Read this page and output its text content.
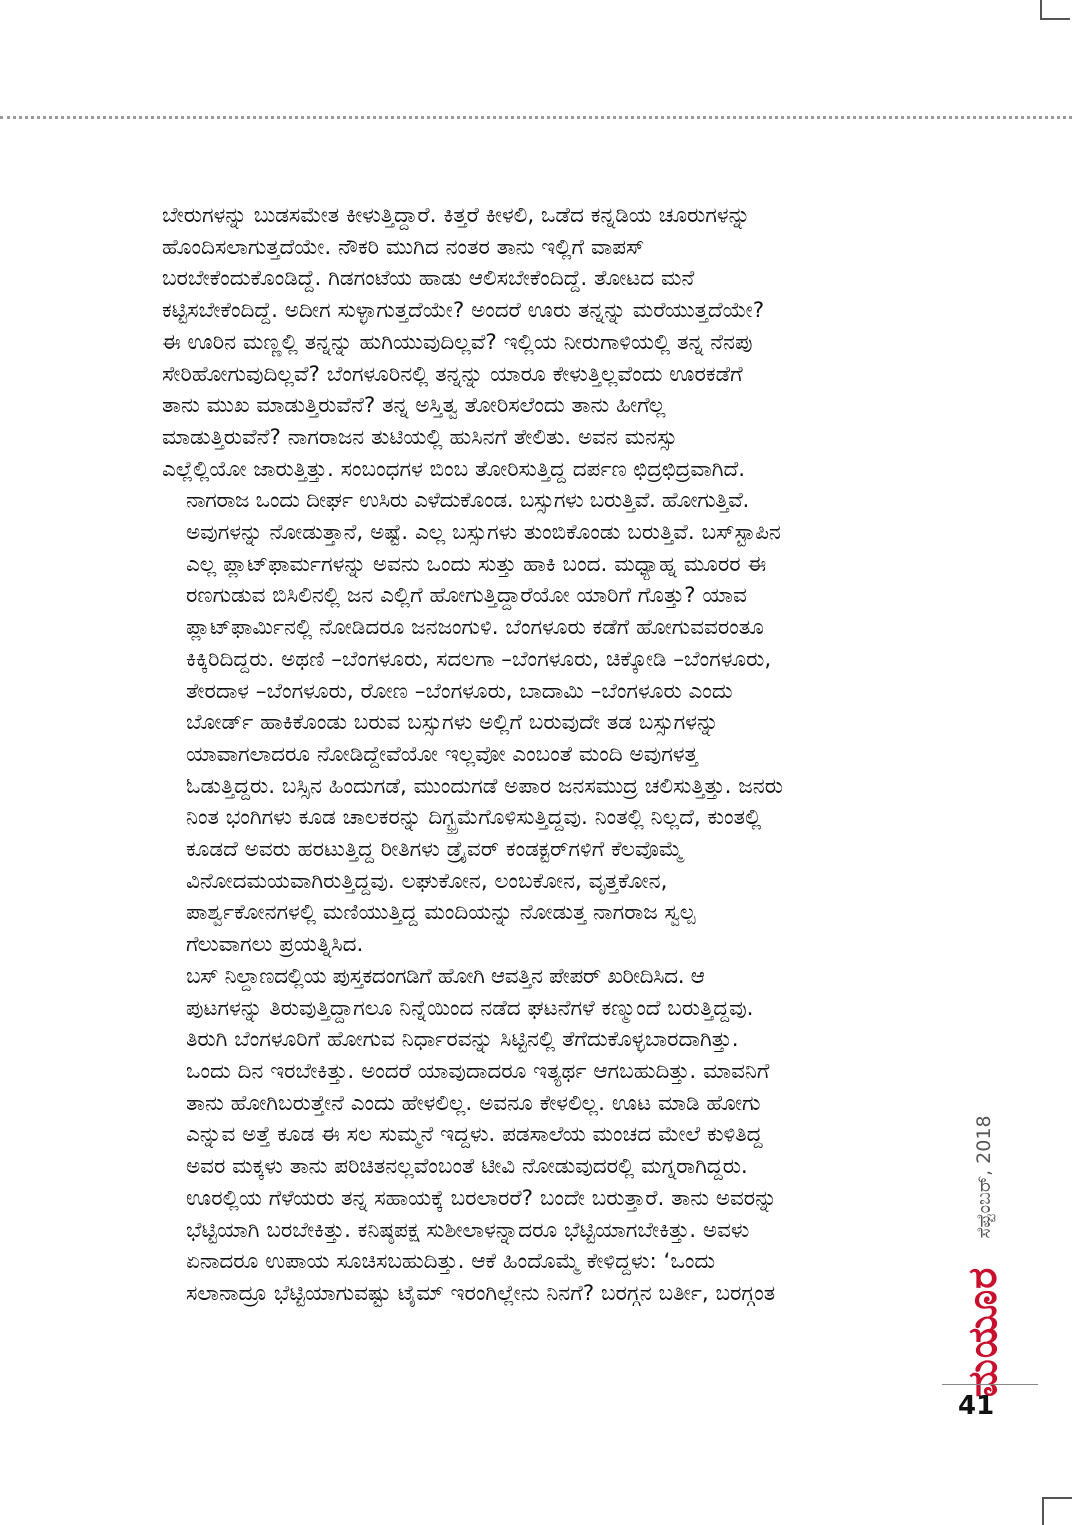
ಬೇರುಗಳನ್ನು ಬುಡಸಮೇತ ಕೀಳುತ್ತಿದ್ದಾರೆ. ಕಿತ್ತರೆ ಕೀಳಲಿ, ಒಡೆದ ಕನ್ನಡಿಯ ಚೂರುಗಳನ್ನು
ಹೊಂದಿಸಲಾಗುತ್ತದೆಯೇ. ನೌಕರಿ ಮುಗಿದ ನಂತರ ತಾನು ಇಲ್ಲಿಗೆ ವಾಪಸ್
ಬರಬೇಕೆಂದುಕೊಂಡಿದ್ದೆ. ಗಿಡಗಂಟೆಯ ಹಾಡು ಆಲಿಸಬೇಕೆಂದಿದ್ದೆ. ತೋಟದ ಮನೆ
ಕಟ್ಟಿಸಬೇಕೆಂದಿದ್ದೆ. ಅದೀಗ ಸುಳ್ಳಾಗುತ್ತದೆಯೇ? ಅಂದರೆ ಊರು ತನ್ನನ್ನು ಮರೆಯುತ್ತದೆಯೇ?
ಈ ಊರಿನ ಮಣ್ಣಲ್ಲಿ ತನ್ನನ್ನು ಹುಗಿಯುವುದಿಲ್ಲವೆ? ಇಲ್ಲಿಯ ನೀರುಗಾಳಿಯಲ್ಲಿ ತನ್ನ ನೆನಪು
ಸೇರಿಹೋಗುವುದಿಲ್ಲವೆ? ಬೆಂಗಳೂರಿನಲ್ಲಿ ತನ್ನನ್ನು ಯಾರೂ ಕೇಳುತ್ತಿಲ್ಲವೆಂದು ಊರಕಡೆಗೆ
ತಾನು ಮುಖ ಮಾಡುತ್ತಿರುವೆನೆ? ತನ್ನ ಅಸ್ತಿತ್ವ ತೋರಿಸಲೆಂದು ತಾನು ಹೀಗೆಲ್ಲ
ಮಾಡುತ್ತಿರುವೆನೆ? ನಾಗರಾಜನ ತುಟಿಯಲ್ಲಿ ಹುಸಿನಗೆ ತೇಲಿತು. ಅವನ ಮನಸ್ಸು
ಎಲ್ಲೆಲ್ಲಿಯೋ ಜಾರುತ್ತಿತ್ತು. ಸಂಬಂಧಗಳ ಬಿಂಬ ತೋರಿಸುತ್ತಿದ್ದ ದರ್ಪಣ ಛಿದ್ರಛಿದ್ರವಾಗಿದೆ.

ನಾಗರಾಜ ಒಂದು ದೀರ್ಘ ಉಸಿರು ಎಳೆದುಕೊಂಡ. ಬಸ್ಸುಗಳು ಬರುತ್ತಿವೆ. ಹೋಗುತ್ತಿವೆ.
ಅವುಗಳನ್ನು ನೋಡುತ್ತಾನೆ, ಅಷ್ಟೆ. ಎಲ್ಲ ಬಸ್ಸುಗಳು ತುಂಬಿಕೊಂಡು ಬರುತ್ತಿವೆ. ಬಸ್‌ಸ್ಟಾಪಿನ
ಎಲ್ಲ ಪ್ಲಾಟ್‌ಫಾರ್ಮಗಳನ್ನು ಅವನು ಒಂದು ಸುತ್ತು ಹಾಕಿ ಬಂದ. ಮಧ್ಯಾಹ್ನ ಮೂರರ ಈ
ರಣಗುಡುವ ಬಿಸಿಲಿನಲ್ಲಿ ಜನ ಎಲ್ಲಿಗೆ ಹೋಗುತ್ತಿದ್ದಾರೆಯೋ ಯಾರಿಗೆ ಗೊತ್ತು? ಯಾವ
ಪ್ಲಾಟ್‌ಫಾರ್ಮಿನಲ್ಲಿ ನೋಡಿದರೂ ಜನಜಂಗುಳಿ. ಬೆಂಗಳೂರು ಕಡೆಗೆ ಹೋಗುವವರಂತೂ
ಕಿಕ್ಕಿರಿದಿದ್ದರು. ಅಥಣಿ –ಬೆಂಗಳೂರು, ಸದಲಗಾ –ಬೆಂಗಳೂರು, ಚಿಕ್ಕೋಡಿ –ಬೆಂಗಳೂರು,
ತೇರದಾಳ –ಬೆಂಗಳೂರು, ರೋಣ –ಬೆಂಗಳೂರು, ಬಾದಾಮಿ –ಬೆಂಗಳೂರು ಎಂದು
ಬೋರ್ಡ್ ಹಾಕಿಕೊಂಡು ಬರುವ ಬಸ್ಸುಗಳು ಅಲ್ಲಿಗೆ ಬರುವುದೇ ತಡ ಬಸ್ಸುಗಳನ್ನು
ಯಾವಾಗಲಾದರೂ ನೋಡಿದ್ದೇವೆಯೋ ಇಲ್ಲವೋ ಎಂಬಂತೆ ಮಂದಿ ಅವುಗಳತ್ತ
ಓಡುತ್ತಿದ್ದರು. ಬಸ್ಸಿನ ಹಿಂದುಗಡೆ, ಮುಂದುಗಡೆ ಅಪಾರ ಜನಸಮುದ್ರ ಚಲಿಸುತ್ತಿತ್ತು. ಜನರು
ನಿಂತ ಭಂಗಿಗಳು ಕೂಡ ಚಾಲಕರನ್ನು ದಿಗ್ಭ್ರಮೆಗೊಳಿಸುತ್ತಿದ್ದವು. ನಿಂತಲ್ಲಿ ನಿಲ್ಲದೆ, ಕುಂತಲ್ಲಿ
ಕೂಡದೆ ಅವರು ಹರಟುತ್ತಿದ್ದ ರೀತಿಗಳು ಡ್ರೈವರ್ ಕಂಡಕ್ಟರ್‌ಗಳಿಗೆ ಕೆಲವೊಮ್ಮೆ
ವಿನೋದಮಯವಾಗಿರುತ್ತಿದ್ದವು. ಲಘುಕೋನ, ಲಂಬಕೋನ, ವೃತ್ತಕೋನ,
ಪಾರ್ಶ್ವಕೋನಗಳಲ್ಲಿ ಮಣಿಯುತ್ತಿದ್ದ ಮಂದಿಯನ್ನು ನೋಡುತ್ತ ನಾಗರಾಜ ಸ್ವಲ್ಪ
ಗೆಲುವಾಗಲು ಪ್ರಯತ್ನಿಸಿದ.

ಬಸ್ ನಿಲ್ದಾಣದಲ್ಲಿಯ ಪುಸ್ತಕದಂಗಡಿಗೆ ಹೋಗಿ ಆವತ್ತಿನ ಪೇಪರ್ ಖರೀದಿಸಿದ. ಆ
ಪುಟಗಳನ್ನು ತಿರುವುತ್ತಿದ್ದಾಗಲೂ ನಿನ್ನೆಯಿಂದ ನಡೆದ ಘಟನೆಗಳೆ ಕಣ್ಮುಂದೆ ಬರುತ್ತಿದ್ದವು.
ತಿರುಗಿ ಬೆಂಗಳೂರಿಗೆ ಹೋಗುವ ನಿರ್ಧಾರವನ್ನು ಸಿಟ್ಟಿನಲ್ಲಿ ತೆಗೆದುಕೊಳ್ಳಬಾರದಾಗಿತ್ತು.
ಒಂದು ದಿನ ಇರಬೇಕಿತ್ತು. ಅಂದರೆ ಯಾವುದಾದರೂ ಇತ್ಯರ್ಥ ಆಗಬಹುದಿತ್ತು. ಮಾವನಿಗೆ
ತಾನು ಹೋಗಿಬರುತ್ತೇನೆ ಎಂದು ಹೇಳಲಿಲ್ಲ. ಅವನೂ ಕೇಳಲಿಲ್ಲ. ಊಟ ಮಾಡಿ ಹೋಗು
ಎನ್ನುವ ಅತ್ತೆ ಕೂಡ ಈ ಸಲ ಸುಮ್ಮನೆ ಇದ್ದಳು. ಪಡಸಾಲೆಯ ಮಂಚದ ಮೇಲೆ ಕುಳಿತಿದ್ದ
ಅವರ ಮಕ್ಕಳು ತಾನು ಪರಿಚಿತನಲ್ಲವೆಂಬಂತೆ ಟೀವಿ ನೋಡುವುದರಲ್ಲಿ ಮಗ್ನರಾಗಿದ್ದರು.
ಊರಲ್ಲಿಯ ಗೆಳೆಯರು ತನ್ನ ಸಹಾಯಕ್ಕೆ ಬರಲಾರರೆ? ಬಂದೇ ಬರುತ್ತಾರೆ. ತಾನು ಅವರನ್ನು
ಭೆಟ್ಟಿಯಾಗಿ ಬರಬೇಕಿತ್ತು. ಕನಿಷ್ಠಪಕ್ಷ ಸುಶೀಲಾಳನ್ನಾದರೂ ಭೆಟ್ಟಿಯಾಗಬೇಕಿತ್ತು. ಅವಳು
ಏನಾದರೂ ಉಪಾಯ ಸೂಚಿಸಬಹುದಿತ್ತು. ಆಕೆ ಹಿಂದೊಮ್ಮೆ ಕೇಳಿದ್ದಳು: ‘ಒಂದು
ಸಲಾನಾದ್ರೂ ಭೆಟ್ಟಿಯಾಗುವಷ್ಟು ಟೈಮ್ ಇರಂಗಿಲ್ಲೇನು ನಿನಗೆ? ಬರಗ್ಗನ ಬರ್ತೀ, ಬರಗ್ಗಂತ

ಸೆಪ್ಟೆಂಬರ್, 2018
ಮಯೂರ
41
